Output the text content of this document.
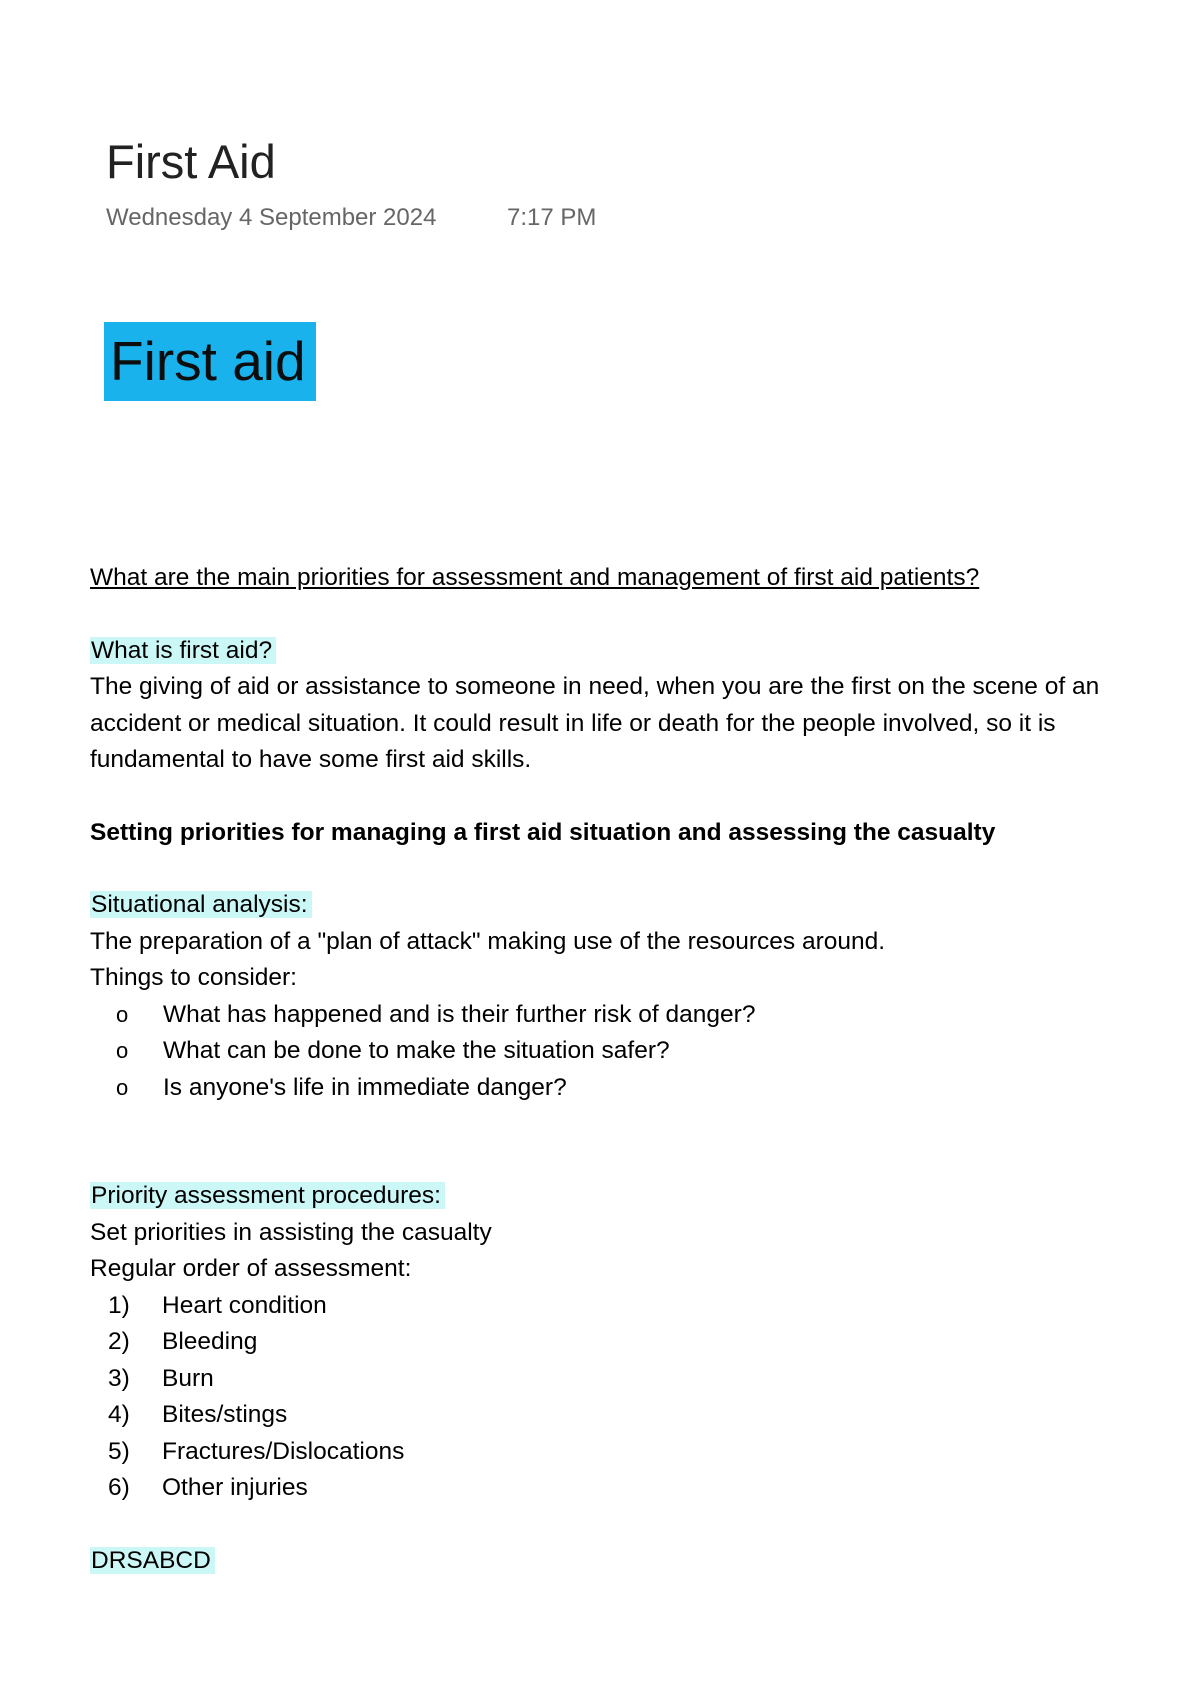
First Aid
Wednesday 4 September 2024	7:17 PM
First aid

What are the main priorities for assessment and management of first aid patients?

What is first aid?

The giving of aid or assistance to someone in need, when you are the first on the scene of an accident or medical situation. It could result in life or death for the people involved, so it is fundamental to have some first aid skills.

Setting priorities for managing a first aid situation and assessing the casualty

Situational analysis:

The preparation of a "plan of attack" making use of the resources around.

Things to consider:

o	What has happened and is their further risk of danger?
o	What can be done to make the situation safer?
o	Is anyone's life in immediate danger?

Priority assessment procedures:

Set priorities in assisting the casualty

Regular order of assessment:

1)	Heart condition
2)	Bleeding
3)	Burn
4)	Bites/stings
5)	Fractures/Dislocations
6)	Other injuries

DRSABCD
